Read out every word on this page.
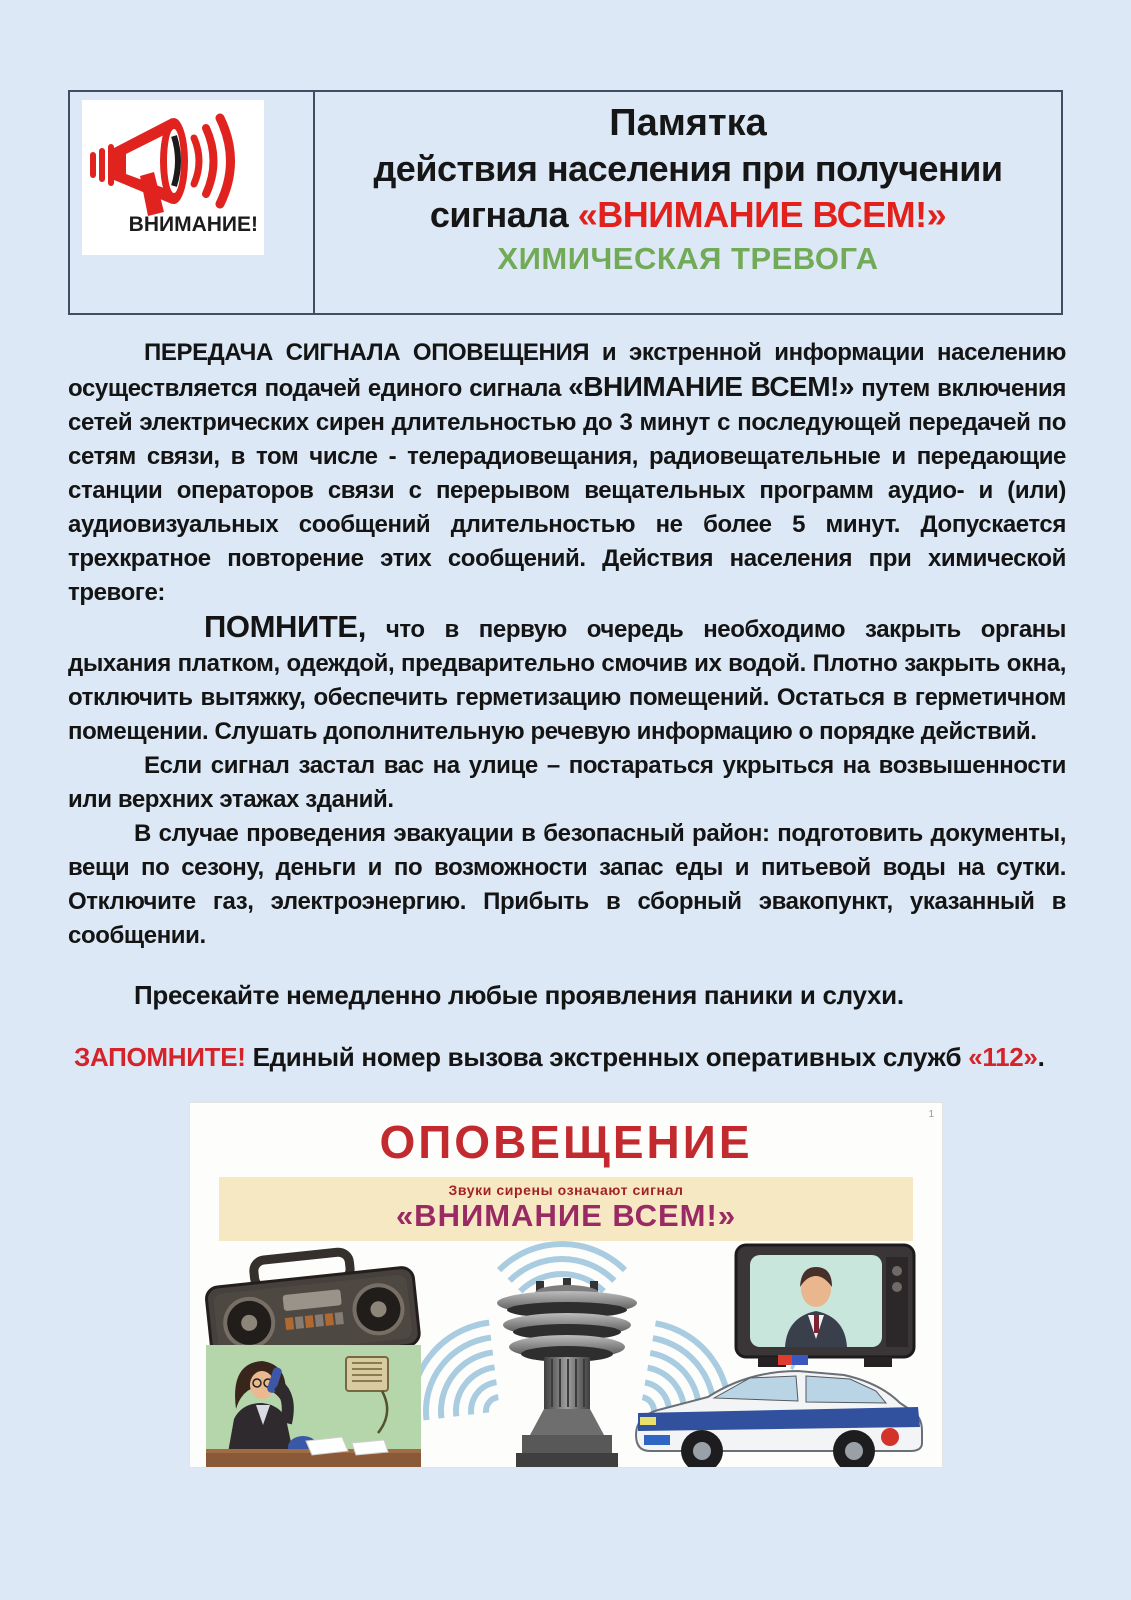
ВНИМАНИЕ!
Памятка
действия населения при получении
сигнала «ВНИМАНИЕ ВСЕМ!»
ХИМИЧЕСКАЯ ТРЕВОГА

ПЕРЕДАЧА СИГНАЛА ОПОВЕЩЕНИЯ и экстренной информации населению осуществляется подачей единого сигнала «ВНИМАНИЕ ВСЕМ!» путем включения сетей электрических сирен длительностью до 3 минут с последующей передачей по сетям связи, в том числе - телерадиовещания, радиовещательные и передающие станции операторов связи с перерывом вещательных программ аудио- и (или) аудиовизуальных сообщений длительностью не более 5 минут. Допускается трехкратное повторение этих сообщений. Действия населения при химической тревоге:

ПОМНИТЕ, что в первую очередь необходимо закрыть органы дыхания платком, одеждой, предварительно смочив их водой. Плотно закрыть окна, отключить вытяжку, обеспечить герметизацию помещений. Остаться в герметичном помещении. Слушать дополнительную речевую информацию о порядке действий.

Если сигнал застал вас на улице – постараться укрыться на возвышенности или верхних этажах зданий.

В случае проведения эвакуации в безопасный район: подготовить документы, вещи по сезону, деньги и по возможности запас еды и питьевой воды на сутки. Отключите газ, электроэнергию. Прибыть в сборный эвакопункт, указанный в сообщении.

Пресекайте немедленно любые проявления паники и слухи.
ЗАПОМНИТЕ! Единый номер вызова экстренных оперативных служб «112».
1
ОПОВЕЩЕНИЕ
Звуки сирены означают сигнал
«ВНИМАНИЕ ВСЕМ!»
